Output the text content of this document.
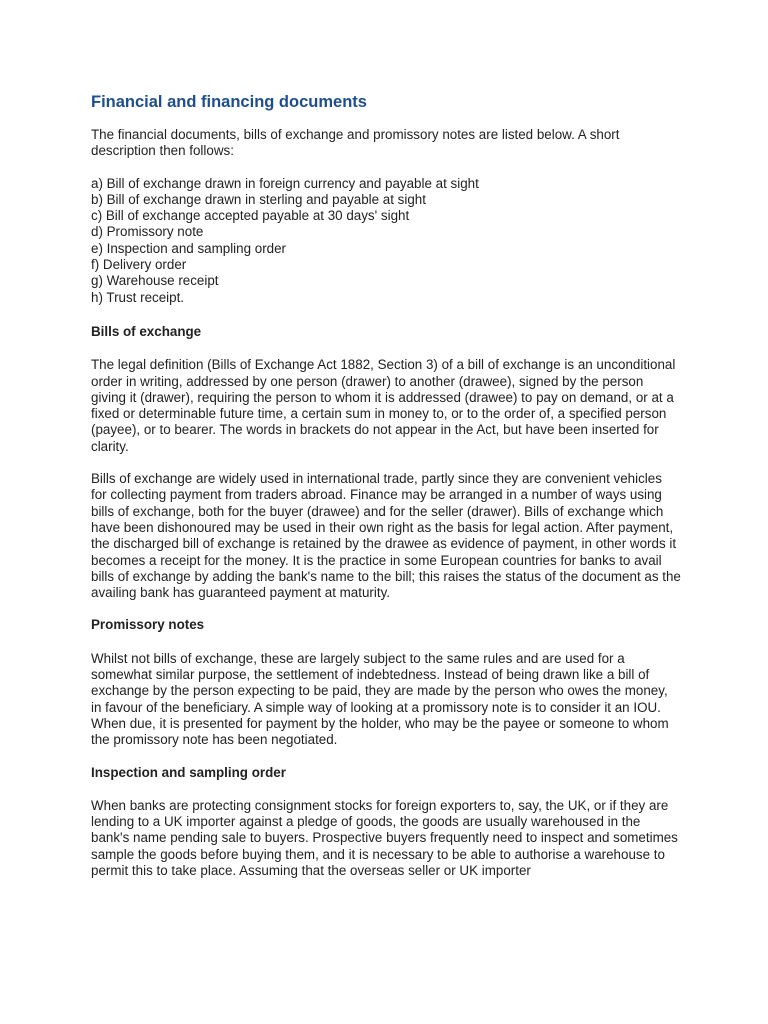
Financial and financing documents

The financial documents, bills of exchange and promissory notes are listed below. A short description then follows:

a) Bill of exchange drawn in foreign currency and payable at sight
b) Bill of exchange drawn in sterling and payable at sight
c) Bill of exchange accepted payable at 30 days' sight
d) Promissory note
e) Inspection and sampling order
f) Delivery order
g) Warehouse receipt
h) Trust receipt.
Bills of exchange

The legal definition (Bills of Exchange Act 1882, Section 3) of a bill of exchange is an unconditional order in writing, addressed by one person (drawer) to another (drawee), signed by the person giving it (drawer), requiring the person to whom it is addressed (drawee) to pay on demand, or at a fixed or determinable future time, a certain sum in money to, or to the order of, a specified person (payee), or to bearer. The words in brackets do not appear in the Act, but have been inserted for clarity.

Bills of exchange are widely used in international trade, partly since they are convenient vehicles for collecting payment from traders abroad. Finance may be arranged in a number of ways using bills of exchange, both for the buyer (drawee) and for the seller (drawer). Bills of exchange which have been dishonoured may be used in their own right as the basis for legal action. After payment, the discharged bill of exchange is retained by the drawee as evidence of payment, in other words it becomes a receipt for the money. It is the practice in some European countries for banks to avail bills of exchange by adding the bank's name to the bill; this raises the status of the document as the availing bank has guaranteed payment at maturity.

Promissory notes

Whilst not bills of exchange, these are largely subject to the same rules and are used for a somewhat similar purpose, the settlement of indebtedness. Instead of being drawn like a bill of exchange by the person expecting to be paid, they are made by the person who owes the money, in favour of the beneficiary. A simple way of looking at a promissory note is to consider it an IOU. When due, it is presented for payment by the holder, who may be the payee or someone to whom the promissory note has been negotiated.

Inspection and sampling order

When banks are protecting consignment stocks for foreign exporters to, say, the UK, or if they are lending to a UK importer against a pledge of goods, the goods are usually warehoused in the bank's name pending sale to buyers. Prospective buyers frequently need to inspect and sometimes sample the goods before buying them, and it is necessary to be able to authorise a warehouse to permit this to take place. Assuming that the overseas seller or UK importer
